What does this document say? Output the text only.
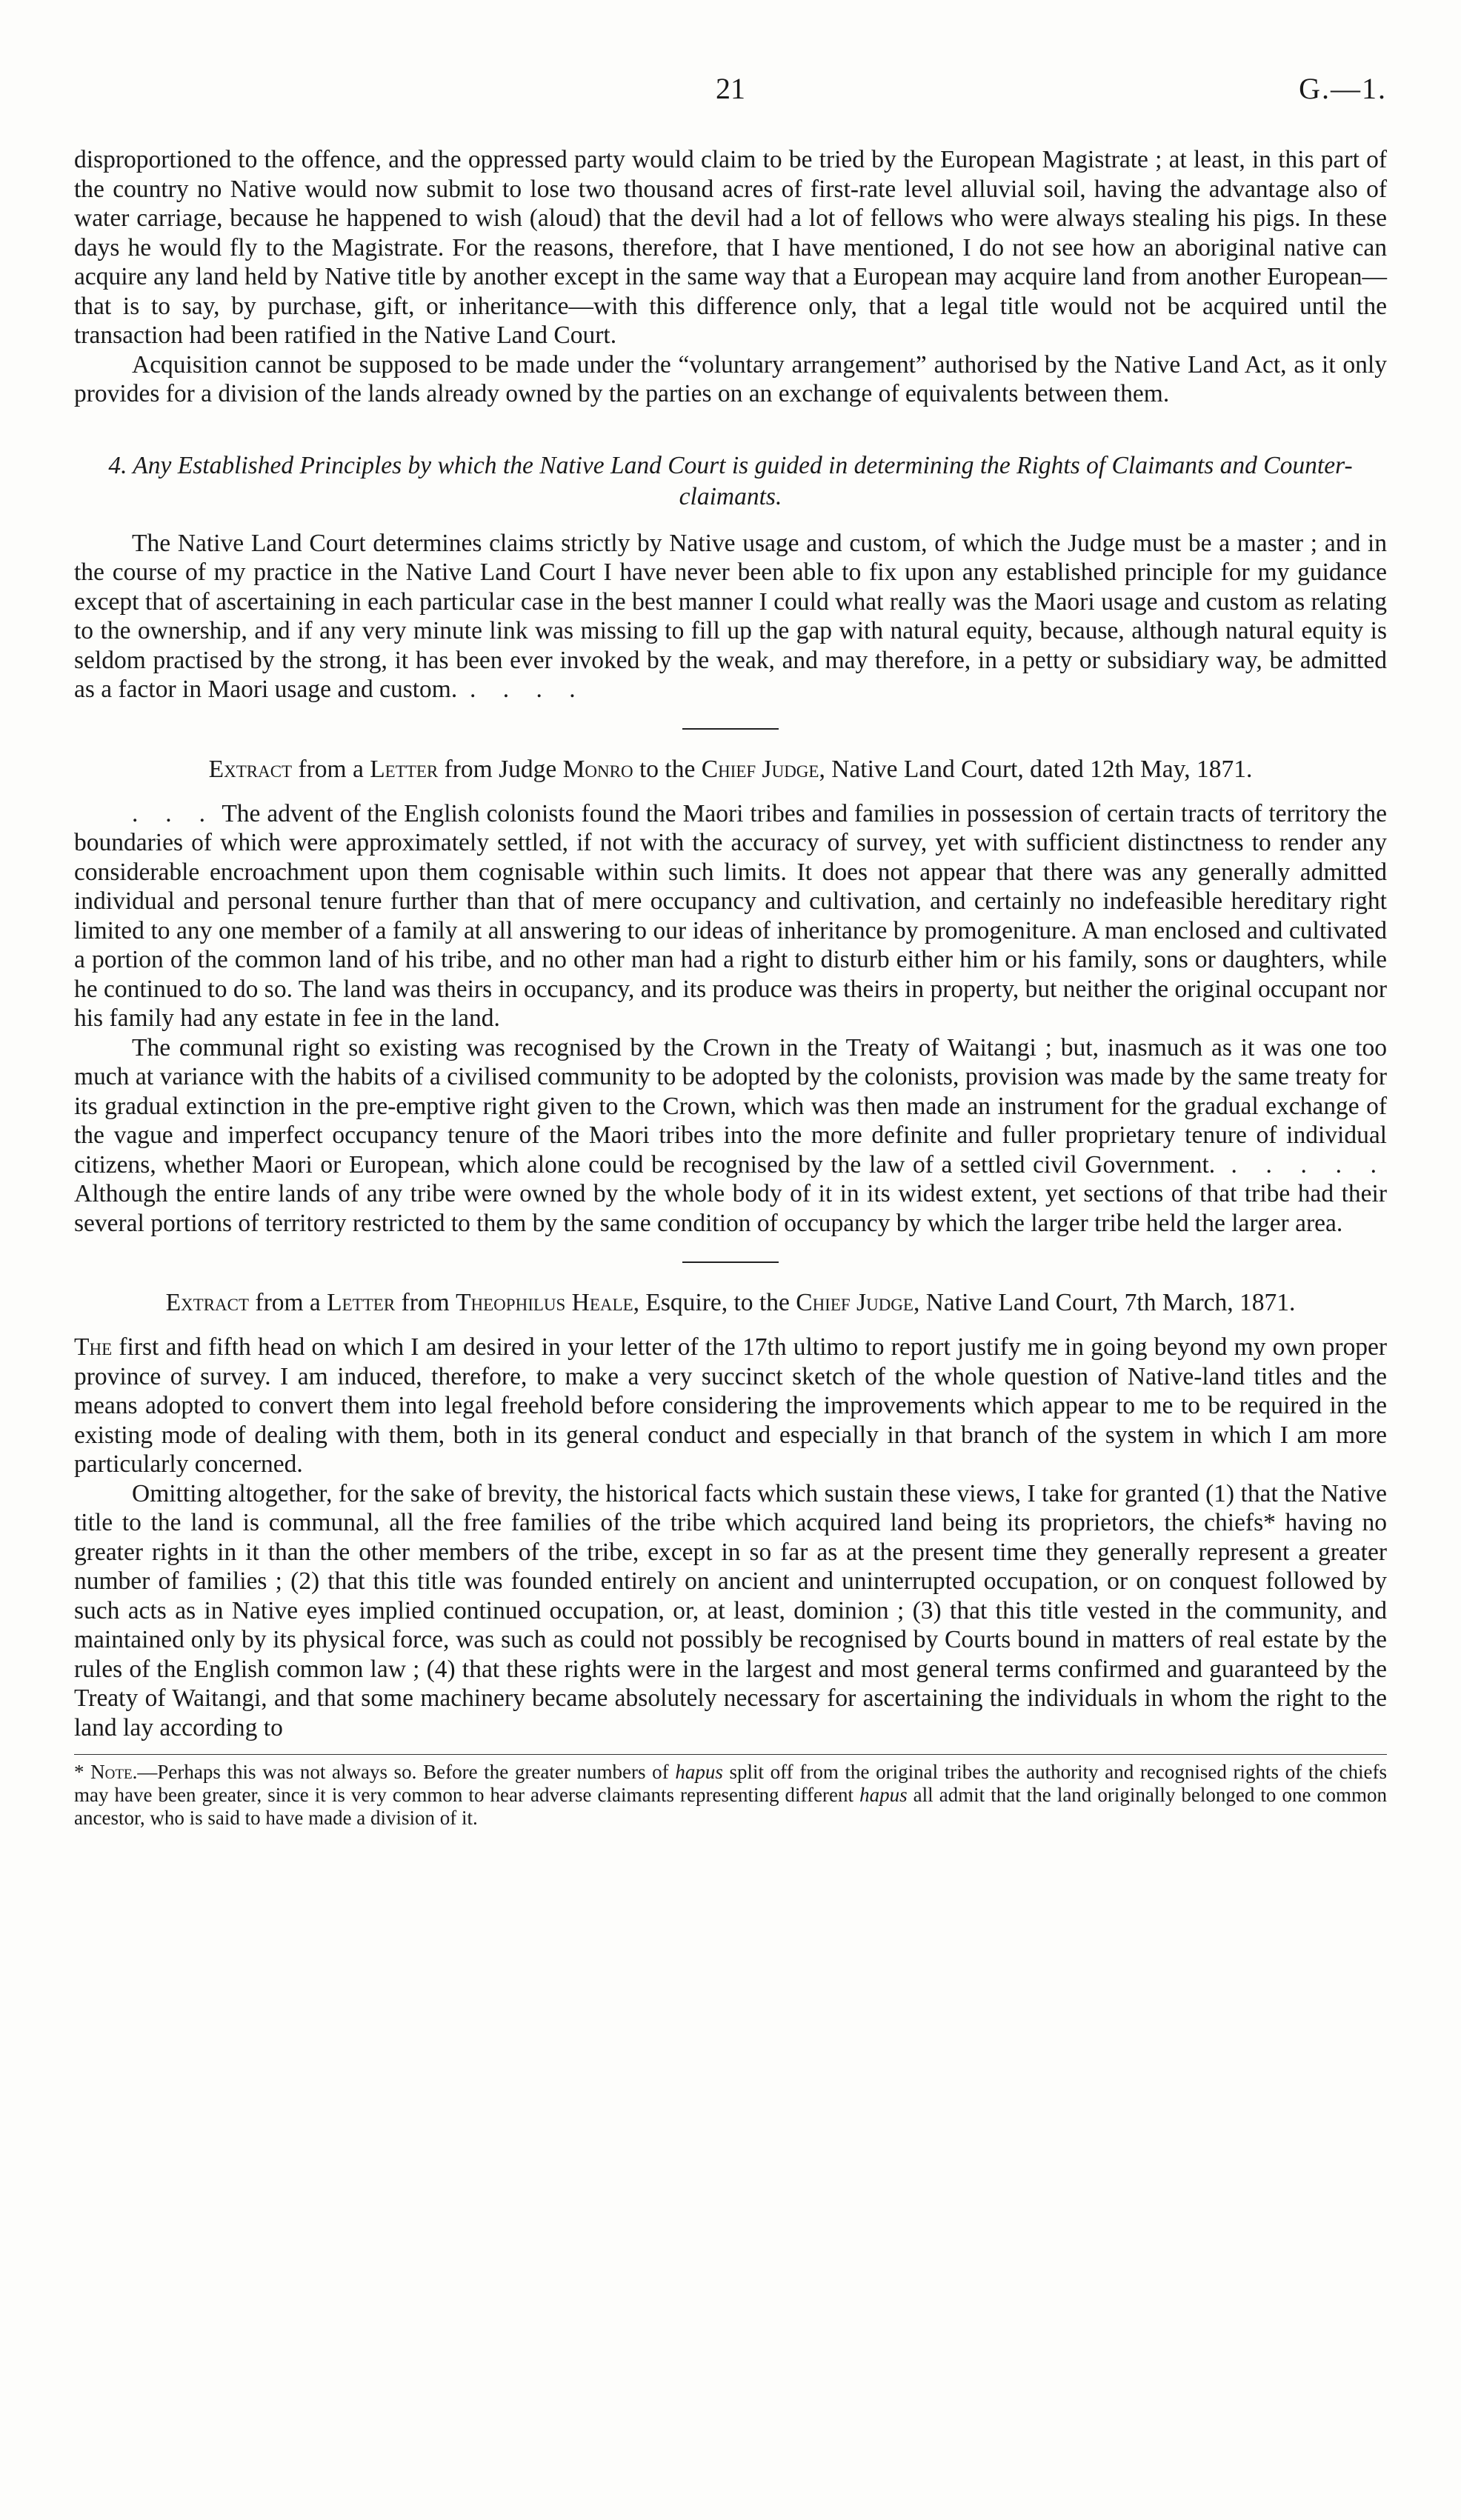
21	G.—1.

disproportioned to the offence, and the oppressed party would claim to be tried by the European Magistrate ; at least, in this part of the country no Native would now submit to lose two thousand acres of first-rate level alluvial soil, having the advantage also of water carriage, because he happened to wish (aloud) that the devil had a lot of fellows who were always stealing his pigs. In these days he would fly to the Magistrate. For the reasons, therefore, that I have mentioned, I do not see how an aboriginal native can acquire any land held by Native title by another except in the same way that a European may acquire land from another European—that is to say, by purchase, gift, or inheritance—with this difference only, that a legal title would not be acquired until the transaction had been ratified in the Native Land Court.

Acquisition cannot be supposed to be made under the “voluntary arrangement” authorised by the Native Land Act, as it only provides for a division of the lands already owned by the parties on an exchange of equivalents between them.

4. Any Established Principles by which the Native Land Court is guided in determining the Rights of Claimants and Counter-claimants.

The Native Land Court determines claims strictly by Native usage and custom, of which the Judge must be a master ; and in the course of my practice in the Native Land Court I have never been able to fix upon any established principle for my guidance except that of ascertaining in each particular case in the best manner I could what really was the Maori usage and custom as relating to the ownership, and if any very minute link was missing to fill up the gap with natural equity, because, although natural equity is seldom practised by the strong, it has been ever invoked by the weak, and may therefore, in a petty or subsidiary way, be admitted as a factor in Maori usage and custom. . . . .

Extract from a Letter from Judge Monro to the Chief Judge, Native Land Court, dated 12th May, 1871.

. . . The advent of the English colonists found the Maori tribes and families in possession of certain tracts of territory the boundaries of which were approximately settled, if not with the accuracy of survey, yet with sufficient distinctness to render any considerable encroachment upon them cognisable within such limits. It does not appear that there was any generally admitted individual and personal tenure further than that of mere occupancy and cultivation, and certainly no indefeasible hereditary right limited to any one member of a family at all answering to our ideas of inheritance by promogeniture. A man enclosed and cultivated a portion of the common land of his tribe, and no other man had a right to disturb either him or his family, sons or daughters, while he continued to do so. The land was theirs in occupancy, and its produce was theirs in property, but neither the original occupant nor his family had any estate in fee in the land.

The communal right so existing was recognised by the Crown in the Treaty of Waitangi ; but, inasmuch as it was one too much at variance with the habits of a civilised community to be adopted by the colonists, provision was made by the same treaty for its gradual extinction in the pre-emptive right given to the Crown, which was then made an instrument for the gradual exchange of the vague and imperfect occupancy tenure of the Maori tribes into the more definite and fuller proprietary tenure of individual citizens, whether Maori or European, which alone could be recognised by the law of a settled civil Government. . . . . . Although the entire lands of any tribe were owned by the whole body of it in its widest extent, yet sections of that tribe had their several portions of territory restricted to them by the same condition of occupancy by which the larger tribe held the larger area.

Extract from a Letter from Theophilus Heale, Esquire, to the Chief Judge, Native Land Court, 7th March, 1871.

The first and fifth head on which I am desired in your letter of the 17th ultimo to report justify me in going beyond my own proper province of survey. I am induced, therefore, to make a very succinct sketch of the whole question of Native-land titles and the means adopted to convert them into legal freehold before considering the improvements which appear to me to be required in the existing mode of dealing with them, both in its general conduct and especially in that branch of the system in which I am more particularly concerned.

Omitting altogether, for the sake of brevity, the historical facts which sustain these views, I take for granted (1) that the Native title to the land is communal, all the free families of the tribe which acquired land being its proprietors, the chiefs* having no greater rights in it than the other members of the tribe, except in so far as at the present time they generally represent a greater number of families ; (2) that this title was founded entirely on ancient and uninterrupted occupation, or on conquest followed by such acts as in Native eyes implied continued occupation, or, at least, dominion ; (3) that this title vested in the community, and maintained only by its physical force, was such as could not possibly be recognised by Courts bound in matters of real estate by the rules of the English common law ; (4) that these rights were in the largest and most general terms confirmed and guaranteed by the Treaty of Waitangi, and that some machinery became absolutely necessary for ascertaining the individuals in whom the right to the land lay according to

* Note.—Perhaps this was not always so. Before the greater numbers of hapus split off from the original tribes the authority and recognised rights of the chiefs may have been greater, since it is very common to hear adverse claimants representing different hapus all admit that the land originally belonged to one common ancestor, who is said to have made a division of it.
